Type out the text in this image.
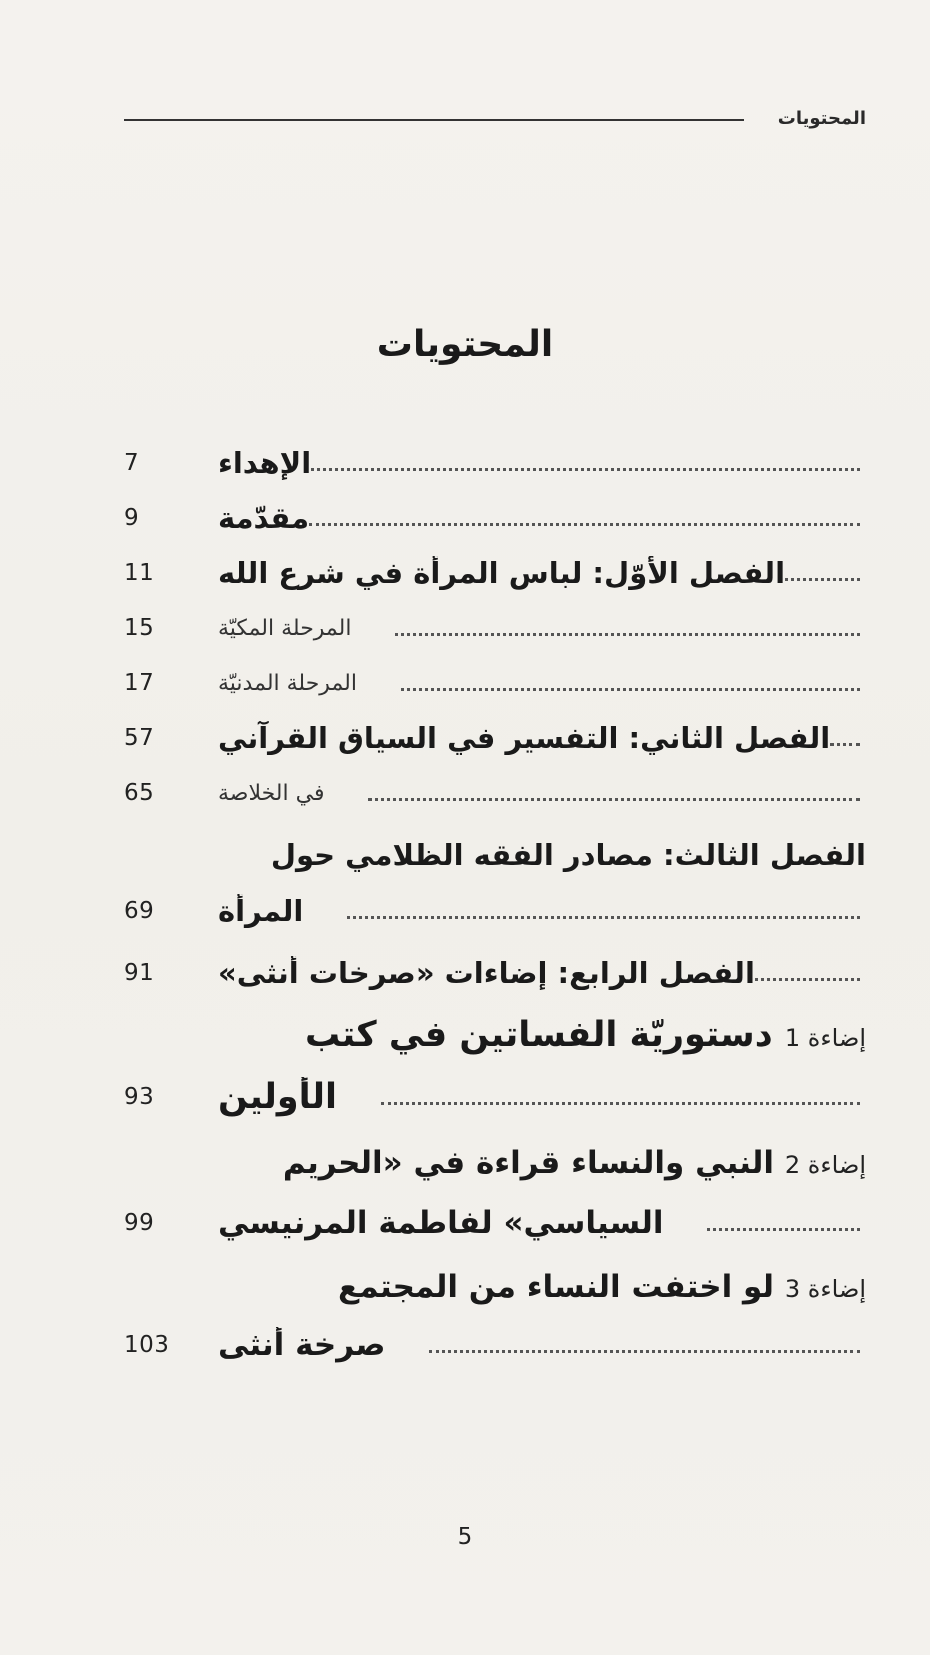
المحتويات
المحتويات
7	الإهداء
9	مقدّمة
11	الفصل الأوّل: لباس المرأة في شرع الله
15	المرحلة المكيّة
17	المرحلة المدنيّة
57	الفصل الثاني: التفسير في السياق القرآني
65	في الخلاصة
الفصل الثالث: مصادر الفقه الظلامي حول
69	المرأة
91	الفصل الرابع: إضاءات «صرخات أنثى»
إضاءة 1 دستوريّة الفساتين في كتب
93	الأولين
إضاءة 2 النبي والنساء قراءة في «الحريم
99	السياسي» لفاطمة المرنيسي
إضاءة 3 لو اختفت النساء من المجتمع
103	صرخة أنثى
5
